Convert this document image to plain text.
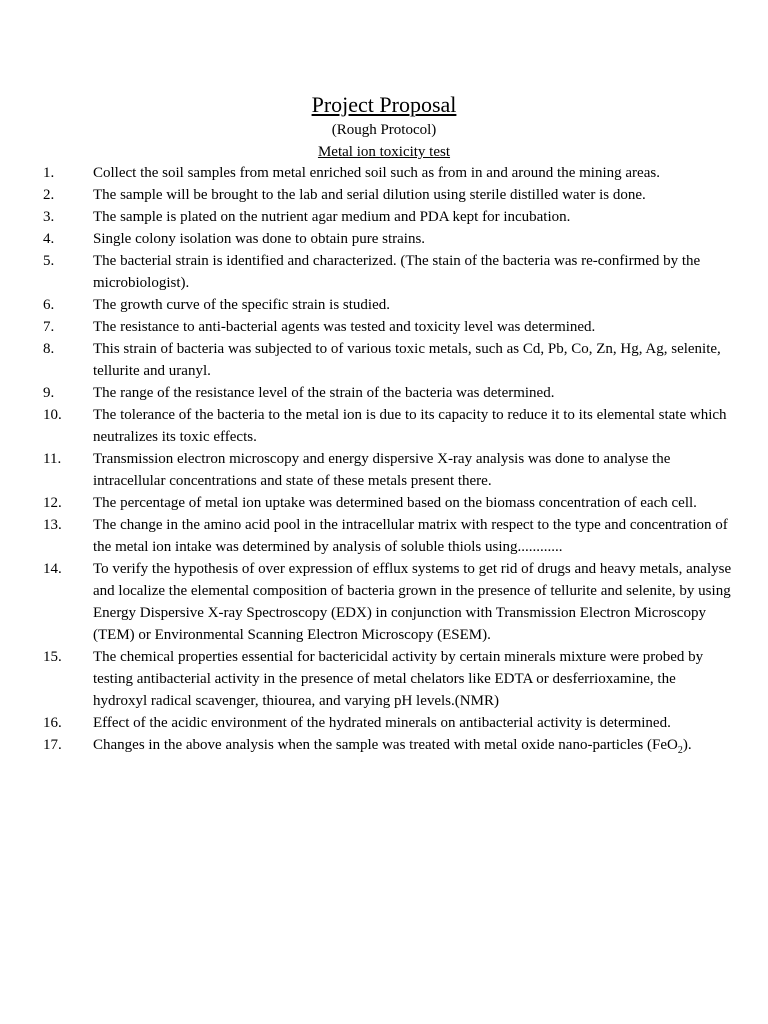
Project Proposal
(Rough Protocol)
Metal ion toxicity test
1.	Collect the soil samples from metal enriched soil such as from in and around the mining areas.
2.	The sample will be brought to the lab and serial dilution using sterile distilled water is done.
3.	The sample is plated on the nutrient agar medium and PDA kept for incubation.
4.	Single colony isolation was done to obtain pure strains.
5.	The bacterial strain is identified and characterized. (The stain of the bacteria was re-confirmed by the microbiologist).
6.	The growth curve of the specific strain is studied.
7.	The resistance to anti-bacterial agents was tested and toxicity level was determined.
8.	This strain of bacteria was subjected to of various toxic metals, such as Cd, Pb, Co, Zn, Hg, Ag, selenite, tellurite and uranyl.
9.	The range of the resistance level of the strain of the bacteria was determined.
10.	The tolerance of the bacteria to the metal ion is due to its capacity to reduce it to its elemental state which neutralizes its toxic effects.
11.	Transmission electron microscopy and energy dispersive X-ray analysis was done to analyse the intracellular concentrations and state of these metals present there.
12.	The percentage of metal ion uptake was determined based on the biomass concentration of each cell.
13.	The change in the amino acid pool in the intracellular matrix with respect to the type and concentration of the metal ion intake was determined by analysis of soluble thiols using............
14.	To verify the hypothesis of over expression of efflux systems to get rid of drugs and heavy metals, analyse and localize the elemental composition of bacteria grown in the presence of tellurite and selenite, by using Energy Dispersive X-ray Spectroscopy (EDX) in conjunction with Transmission Electron Microscopy (TEM) or Environmental Scanning Electron Microscopy (ESEM).
15.	The chemical properties essential for bactericidal activity by certain minerals mixture were probed by testing antibacterial activity in the presence of metal chelators like EDTA or desferrioxamine, the hydroxyl radical scavenger, thiourea, and varying pH levels.(NMR)
16.	Effect of the acidic environment of the hydrated minerals on antibacterial activity is determined.
17.	Changes in the above analysis when the sample was treated with metal oxide nano-particles (FeO$_2$).
